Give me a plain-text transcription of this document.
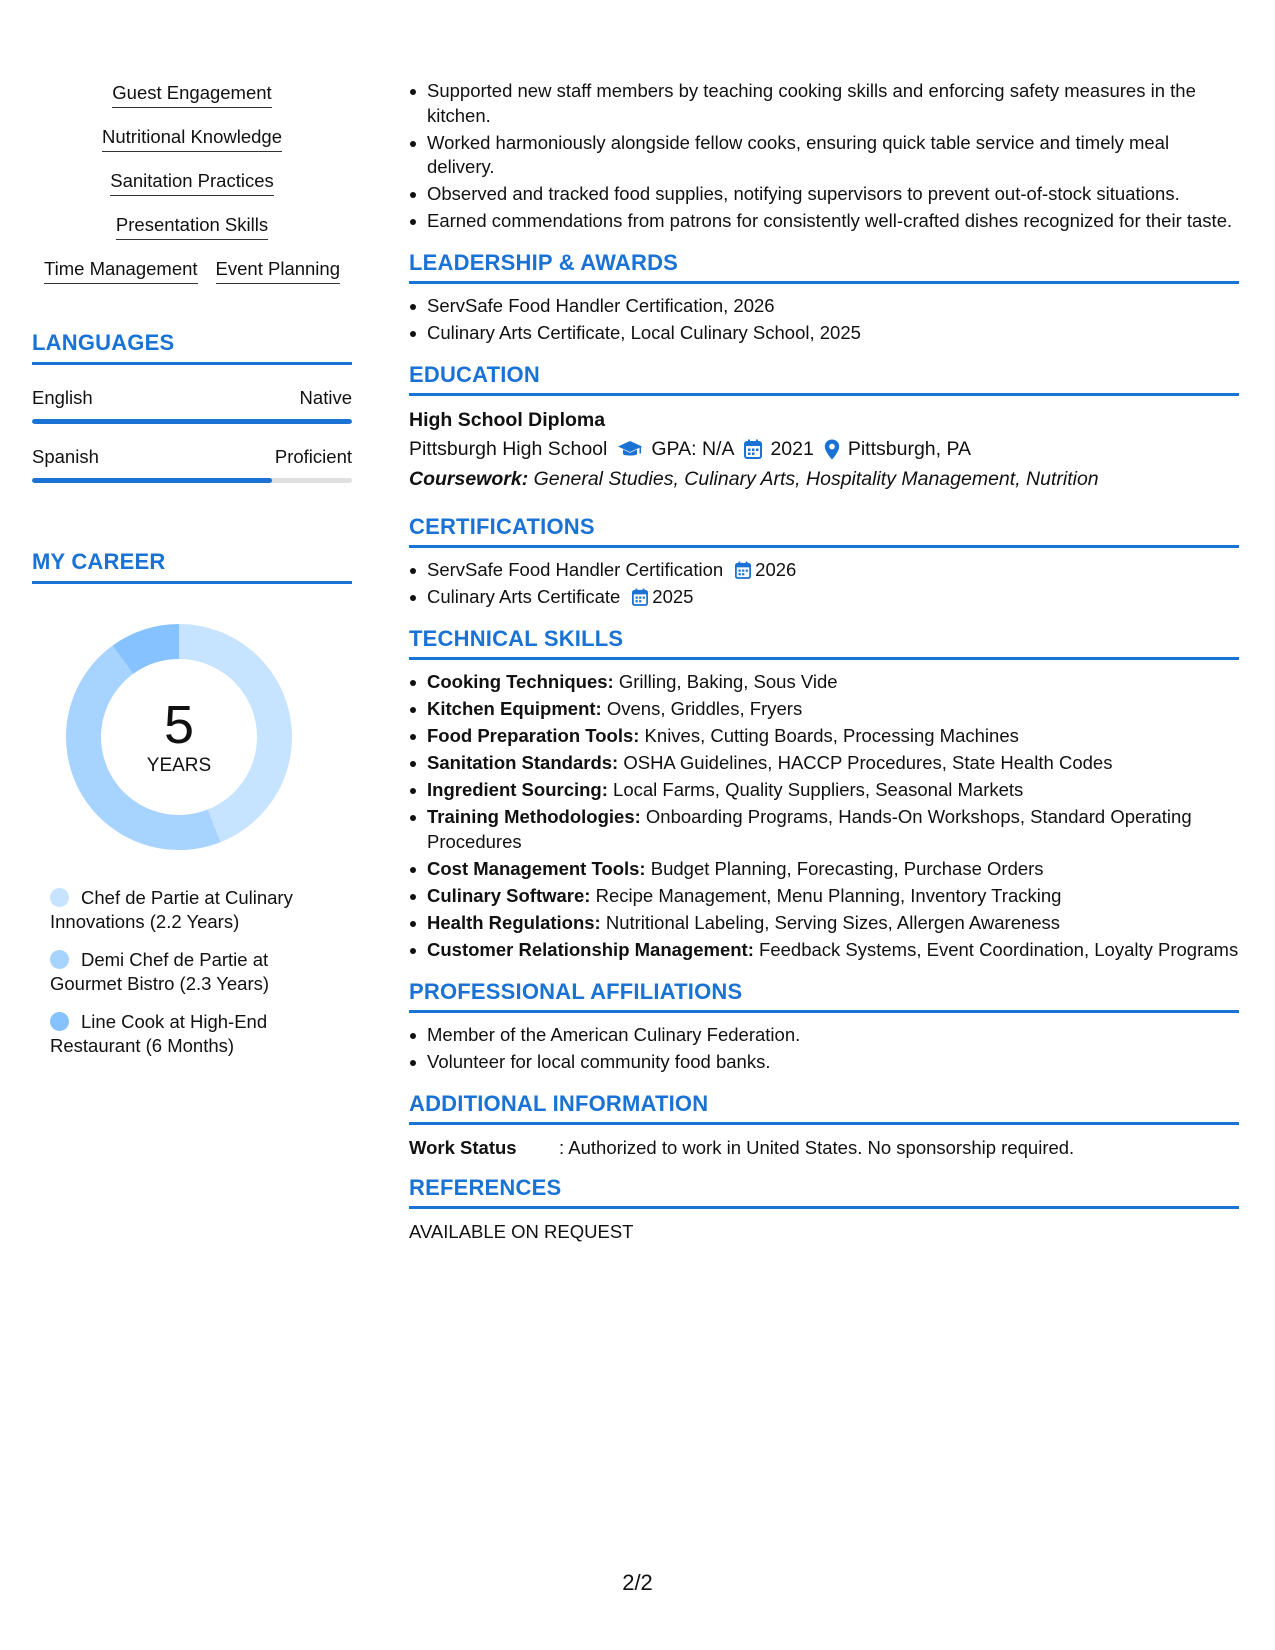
Guest Engagement
Nutritional Knowledge
Sanitation Practices
Presentation Skills
Time Management Event Planning
LANGUAGES
English	Native
Spanish	Proficient
MY CAREER
5
YEARS
Chef de Partie at Culinary Innovations (2.2 Years)
Demi Chef de Partie at Gourmet Bistro (2.3 Years)
Line Cook at High-End Restaurant (6 Months)
Supported new staff members by teaching cooking skills and enforcing safety measures in the kitchen.
Worked harmoniously alongside fellow cooks, ensuring quick table service and timely meal delivery.
Observed and tracked food supplies, notifying supervisors to prevent out-of-stock situations.
Earned commendations from patrons for consistently well-crafted dishes recognized for their taste.
LEADERSHIP & AWARDS
ServSafe Food Handler Certification, 2026
Culinary Arts Certificate, Local Culinary School, 2025
EDUCATION
High School Diploma
Pittsburgh High School GPA: N/A 2021 Pittsburgh, PA
Coursework: General Studies, Culinary Arts, Hospitality Management, Nutrition
CERTIFICATIONS
ServSafe Food Handler Certification 2026
Culinary Arts Certificate 2025
TECHNICAL SKILLS
Cooking Techniques: Grilling, Baking, Sous Vide
Kitchen Equipment: Ovens, Griddles, Fryers
Food Preparation Tools: Knives, Cutting Boards, Processing Machines
Sanitation Standards: OSHA Guidelines, HACCP Procedures, State Health Codes
Ingredient Sourcing: Local Farms, Quality Suppliers, Seasonal Markets
Training Methodologies: Onboarding Programs, Hands-On Workshops, Standard Operating Procedures
Cost Management Tools: Budget Planning, Forecasting, Purchase Orders
Culinary Software: Recipe Management, Menu Planning, Inventory Tracking
Health Regulations: Nutritional Labeling, Serving Sizes, Allergen Awareness
Customer Relationship Management: Feedback Systems, Event Coordination, Loyalty Programs
PROFESSIONAL AFFILIATIONS
Member of the American Culinary Federation.
Volunteer for local community food banks.
ADDITIONAL INFORMATION
Work Status	: Authorized to work in United States. No sponsorship required.
REFERENCES
AVAILABLE ON REQUEST
2/2
